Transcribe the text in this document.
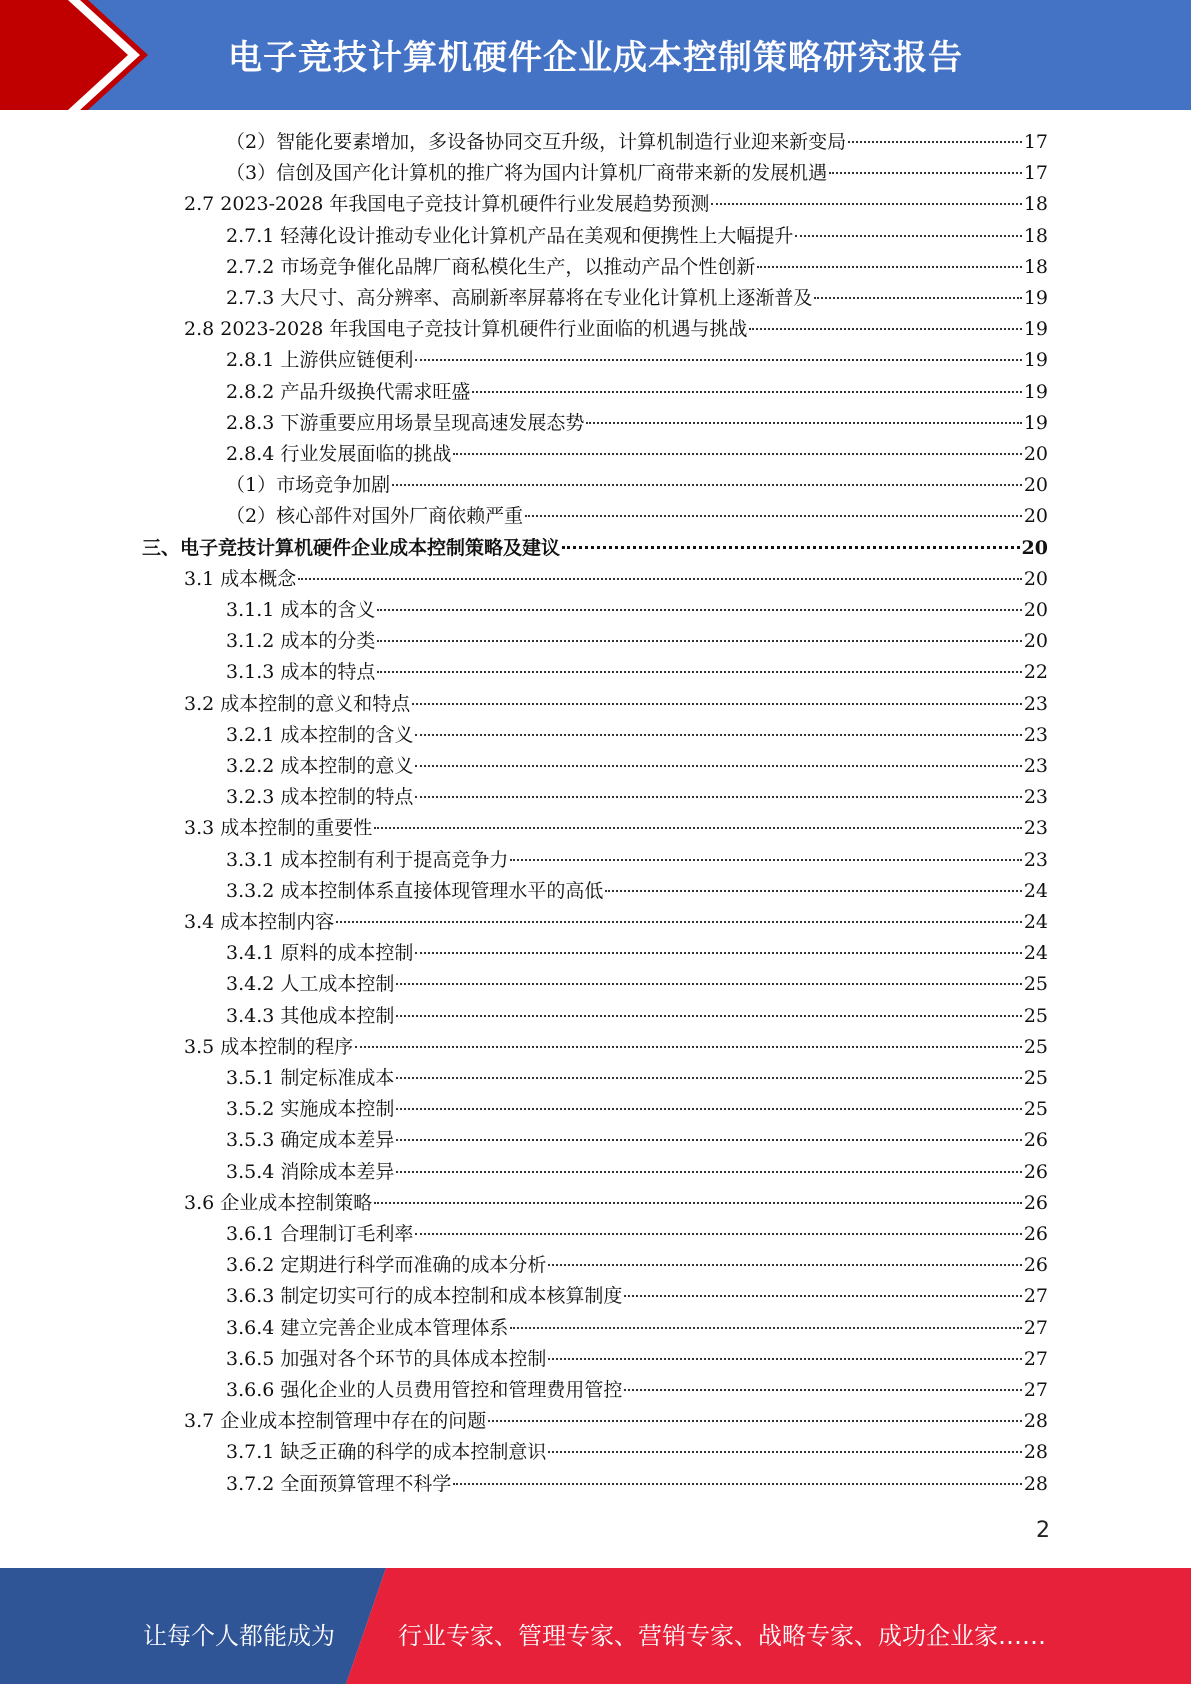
电子竞技计算机硬件企业成本控制策略研究报告
（2）智能化要素增加，多设备协同交互升级，计算机制造行业迎来新变局	17
（3）信创及国产化计算机的推广将为国内计算机厂商带来新的发展机遇	17
2.7 2023-2028 年我国电子竞技计算机硬件行业发展趋势预测	18
2.7.1 轻薄化设计推动专业化计算机产品在美观和便携性上大幅提升	18
2.7.2 市场竞争催化品牌厂商私模化生产，以推动产品个性创新	18
2.7.3 大尺寸、高分辨率、高刷新率屏幕将在专业化计算机上逐渐普及	19
2.8 2023-2028 年我国电子竞技计算机硬件行业面临的机遇与挑战	19
2.8.1 上游供应链便利	19
2.8.2 产品升级换代需求旺盛	19
2.8.3 下游重要应用场景呈现高速发展态势	19
2.8.4 行业发展面临的挑战	20
（1）市场竞争加剧	20
（2）核心部件对国外厂商依赖严重	20
三、电子竞技计算机硬件企业成本控制策略及建议	20
3.1 成本概念	20
3.1.1 成本的含义	20
3.1.2 成本的分类	20
3.1.3 成本的特点	22
3.2 成本控制的意义和特点	23
3.2.1 成本控制的含义	23
3.2.2 成本控制的意义	23
3.2.3 成本控制的特点	23
3.3 成本控制的重要性	23
3.3.1 成本控制有利于提高竞争力	23
3.3.2 成本控制体系直接体现管理水平的高低	24
3.4 成本控制内容	24
3.4.1 原料的成本控制	24
3.4.2 人工成本控制	25
3.4.3 其他成本控制	25
3.5 成本控制的程序	25
3.5.1 制定标准成本	25
3.5.2 实施成本控制	25
3.5.3 确定成本差异	26
3.5.4 消除成本差异	26
3.6 企业成本控制策略	26
3.6.1 合理制订毛利率	26
3.6.2 定期进行科学而准确的成本分析	26
3.6.3 制定切实可行的成本控制和成本核算制度	27
3.6.4 建立完善企业成本管理体系	27
3.6.5 加强对各个环节的具体成本控制	27
3.6.6 强化企业的人员费用管控和管理费用管控	27
3.7 企业成本控制管理中存在的问题	28
3.7.1 缺乏正确的科学的成本控制意识	28
3.7.2 全面预算管理不科学	28
2
让每个人都能成为	行业专家、管理专家、营销专家、战略专家、成功企业家……
